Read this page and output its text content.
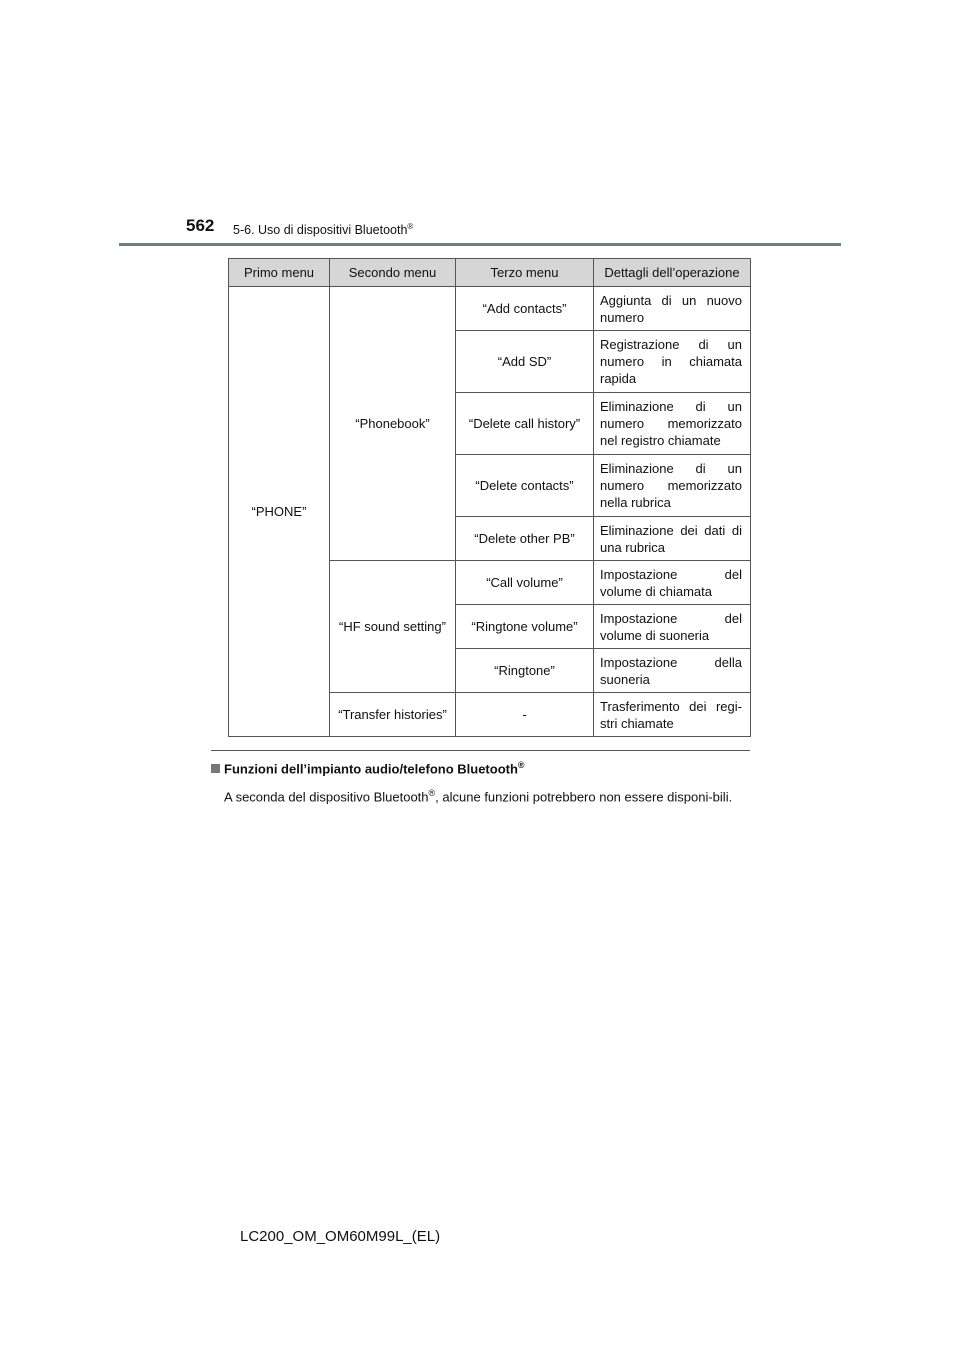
562 5-6. Uso di dispositivi Bluetooth®
Primo menu	Secondo menu	Terzo menu	Dettagli dell’operazione
“PHONE”	“Phonebook”	“Add contacts”	Aggiunta di un nuovo numero
		“Add SD”	Registrazione di un numero in chiamata rapida
		“Delete call history”	Eliminazione di un numero memorizzato nel registro chiamate
		“Delete contacts”	Eliminazione di un numero memorizzato nella rubrica
		“Delete other PB”	Eliminazione dei dati di una rubrica
	“HF sound setting”	“Call volume”	Impostazione del volume di chiamata
		“Ringtone volume”	Impostazione del volume di suoneria
		“Ringtone”	Impostazione della suoneria
	“Transfer histories”	-	Trasferimento dei regi-stri chiamate
Funzioni dell’impianto audio/telefono Bluetooth®
A seconda del dispositivo Bluetooth®, alcune funzioni potrebbero non essere disponi-bili.
LC200_OM_OM60M99L_(EL)
